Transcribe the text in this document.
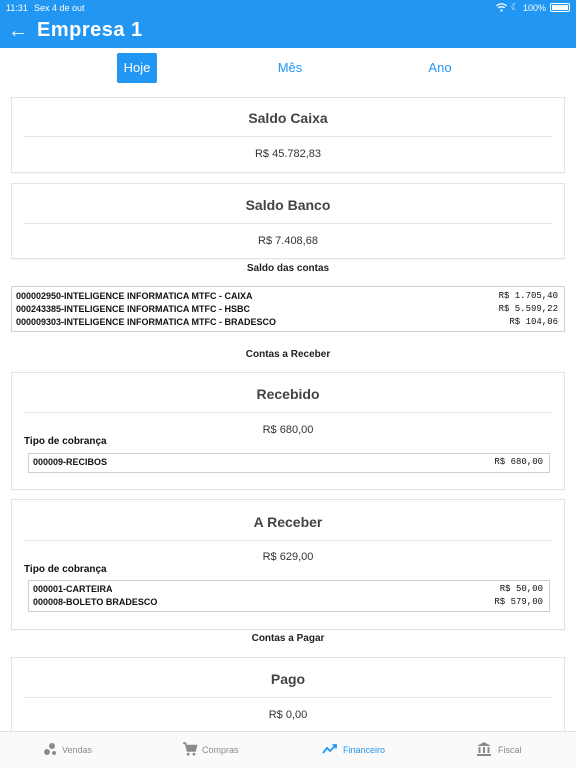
11:31 Sex 4 de out	☾ 100%
← Empresa 1
Hoje	Mês	Ano
Saldo Caixa
R$ 45.782,83
Saldo Banco
R$ 7.408,68
Saldo das contas
000002950-INTELIGENCE INFORMATICA MTFC - CAIXA	R$ 1.705,40
000243385-INTELIGENCE INFORMATICA MTFC - HSBC	R$ 5.599,22
000009303-INTELIGENCE INFORMATICA MTFC - BRADESCO	R$ 104,06
Contas a Receber
Recebido
R$ 680,00
Tipo de cobrança
000009-RECIBOS	R$ 680,00
A Receber
R$ 629,00
Tipo de cobrança
000001-CARTEIRA	R$ 50,00
000008-BOLETO BRADESCO	R$ 579,00
Contas a Pagar
Pago
R$ 0,00
Vendas	Compras	Financeiro	Fiscal
